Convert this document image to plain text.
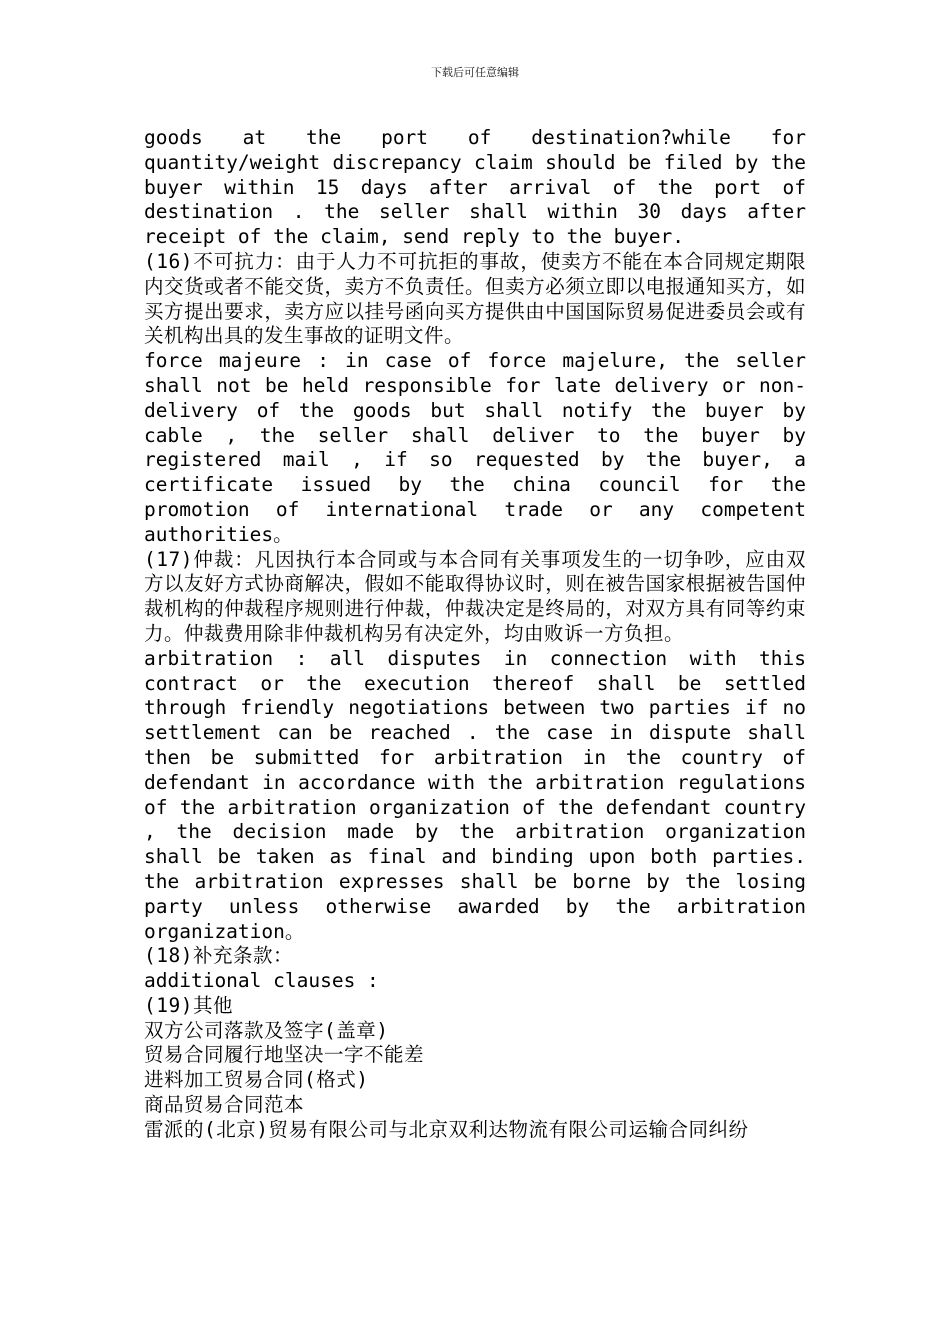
下载后可任意编辑

goods at the port of destination?while for quantity/weight discrepancy claim should be filed by the buyer within 15 days after arrival of the port of destination . the seller shall within 30 days after receipt of the claim, send reply to the buyer.

(16)不可抗力：由于人力不可抗拒的事故，使卖方不能在本合同规定期限内交货或者不能交货，卖方不负责任。但卖方必须立即以电报通知买方，如买方提出要求，卖方应以挂号函向买方提供由中国国际贸易促进委员会或有关机构出具的发生事故的证明文件。

force majeure : in case of force majelure, the seller shall not be held responsible for late delivery or non-delivery of the goods but shall notify the buyer by cable , the seller shall deliver to the buyer by registered mail , if so requested by the buyer, a certificate issued by the china council for the promotion of international trade or any competent authorities。

(17)仲裁：凡因执行本合同或与本合同有关事项发生的一切争吵，应由双方以友好方式协商解决，假如不能取得协议时，则在被告国家根据被告国仲裁机构的仲裁程序规则进行仲裁，仲裁决定是终局的，对双方具有同等约束力。仲裁费用除非仲裁机构另有决定外，均由败诉一方负担。

arbitration : all disputes in connection with this contract or the execution thereof shall be settled through friendly negotiations between two parties if no settlement can be reached . the case in dispute shall then be submitted for arbitration in the country of defendant in accordance with the arbitration regulations of the arbitration organization of the defendant country , the decision made by the arbitration organization shall be taken as final and binding upon both parties. the arbitration expresses shall be borne by the losing party unless otherwise awarded by the arbitration organization。

(18)补充条款：

additional clauses :

(19)其他

双方公司落款及签字(盖章)

贸易合同履行地坚决一字不能差

进料加工贸易合同(格式)

商品贸易合同范本

雷派的(北京)贸易有限公司与北京双利达物流有限公司运输合同纠纷
